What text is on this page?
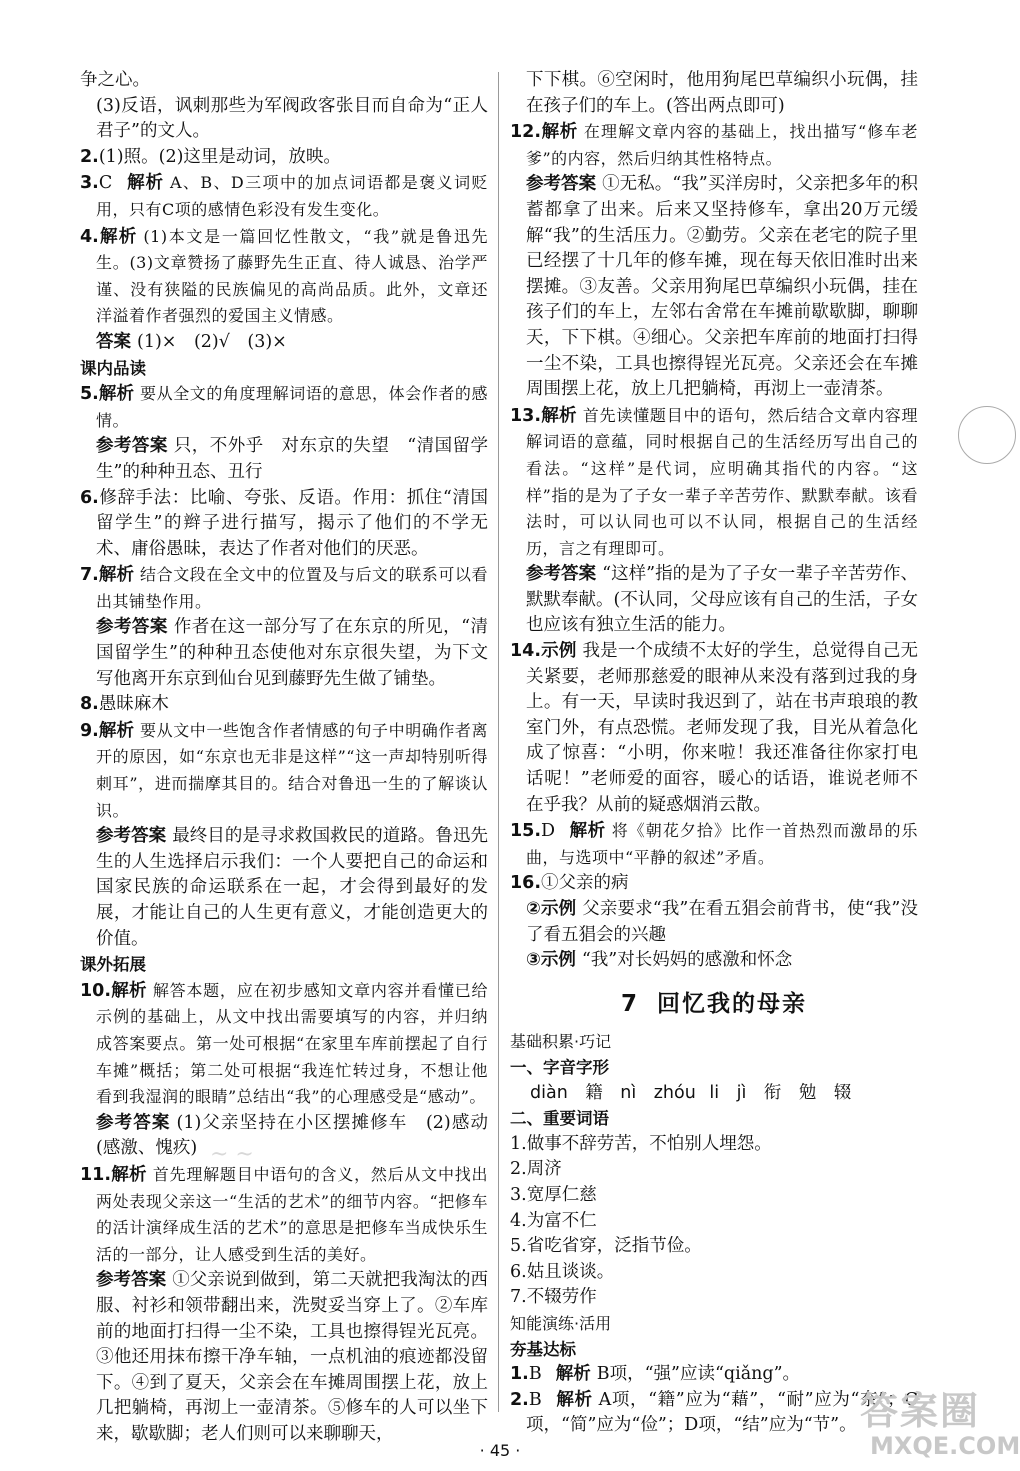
争之心。

(3)反语，讽刺那些为军阀政客张目而自命为“正人君子”的文人。

2.(1)照。(2)这里是动词，放映。

3.C 解析 A、B、D三项中的加点词语都是褒义词贬用，只有C项的感情色彩没有发生变化。

4.解析 (1)本文是一篇回忆性散文，“我”就是鲁迅先生。(3)文章赞扬了藤野先生正直、待人诚恳、治学严谨、没有狭隘的民族偏见的高尚品质。此外，文章还洋溢着作者强烈的爱国主义情感。

答案 (1)×　(2)√　(3)×

课内品读

5.解析 要从全文的角度理解词语的意思，体会作者的感情。

参考答案 只，不外乎　对东京的失望　“清国留学生”的种种丑态、丑行

6.修辞手法：比喻、夸张、反语。作用：抓住“清国留学生”的辫子进行描写，揭示了他们的不学无术、庸俗愚昧，表达了作者对他们的厌恶。

7.解析 结合文段在全文中的位置及与后文的联系可以看出其铺垫作用。

参考答案 作者在这一部分写了在东京的所见，“清国留学生”的种种丑态使他对东京很失望，为下文写他离开东京到仙台见到藤野先生做了铺垫。

8.愚昧麻木

9.解析 要从文中一些饱含作者情感的句子中明确作者离开的原因，如“东京也无非是这样”“这一声却特别听得刺耳”，进而揣摩其目的。结合对鲁迅一生的了解谈认识。

参考答案 最终目的是寻求救国救民的道路。鲁迅先生的人生选择启示我们：一个人要把自己的命运和国家民族的命运联系在一起，才会得到最好的发展，才能让自己的人生更有意义，才能创造更大的价值。

课外拓展

10.解析 解答本题，应在初步感知文章内容并看懂已给示例的基础上，从文中找出需要填写的内容，并归纳成答案要点。第一处可根据“在家里车库前摆起了自行车摊”概括；第二处可根据“我连忙转过身，不想让他看到我湿润的眼睛”总结出“我”的心理感受是“感动”。

参考答案 (1)父亲坚持在小区摆摊修车　(2)感动(感激、愧疚)

11.解析 首先理解题目中语句的含义，然后从文中找出两处表现父亲这一“生活的艺术”的细节内容。“把修车的活计演绎成生活的艺术”的意思是把修车当成快乐生活的一部分，让人感受到生活的美好。

参考答案 ①父亲说到做到，第二天就把我淘汰的西服、衬衫和领带翻出来，洗熨妥当穿上了。②车库前的地面打扫得一尘不染，工具也擦得锃光瓦亮。③他还用抹布擦干净车轴，一点机油的痕迹都没留下。④到了夏天，父亲会在车摊周围摆上花，放上几把躺椅，再沏上一壶清茶。⑤修车的人可以坐下来，歇歇脚；老人们则可以来聊聊天，

下下棋。⑥空闲时，他用狗尾巴草编织小玩偶，挂在孩子们的车上。(答出两点即可)

12.解析 在理解文章内容的基础上，找出描写“修车老爹”的内容，然后归纳其性格特点。

参考答案 ①无私。“我”买洋房时，父亲把多年的积蓄都拿了出来。后来又坚持修车，拿出20万元缓解“我”的生活压力。②勤劳。父亲在老宅的院子里已经摆了十几年的修车摊，现在每天依旧准时出来摆摊。③友善。父亲用狗尾巴草编织小玩偶，挂在孩子们的车上，左邻右舍常在车摊前歇歇脚，聊聊天，下下棋。④细心。父亲把车库前的地面打扫得一尘不染，工具也擦得锃光瓦亮。父亲还会在车摊周围摆上花，放上几把躺椅，再沏上一壶清茶。

13.解析 首先读懂题目中的语句，然后结合文章内容理解词语的意蕴，同时根据自己的生活经历写出自己的看法。“这样”是代词，应明确其指代的内容。“这样”指的是为了子女一辈子辛苦劳作、默默奉献。该看法时，可以认同也可以不认同，根据自己的生活经历，言之有理即可。

参考答案 “这样”指的是为了子女一辈子辛苦劳作、默默奉献。(不认同，父母应该有自己的生活，子女也应该有独立生活的能力。

14.示例 我是一个成绩不太好的学生，总觉得自己无关紧要，老师那慈爱的眼神从来没有落到过我的身上。有一天，早读时我迟到了，站在书声琅琅的教室门外，有点恐慌。老师发现了我，目光从着急化成了惊喜：“小明，你来啦！我还准备往你家打电话呢！”老师爱的面容，暖心的话语，谁说老师不在乎我？从前的疑惑烟消云散。

15.D 解析 将《朝花夕拾》比作一首热烈而激昂的乐曲，与选项中“平静的叙述”矛盾。

16.①父亲的病

②示例 父亲要求“我”在看五猖会前背书，使“我”没了看五猖会的兴趣

③示例 “我”对长妈妈的感激和怀念

7 回忆我的母亲

基础积累·巧记

一、字音字形

diàn　籍　nì　zhóu li　jì　衔　勉　辍

二、重要词语

1.做事不辞劳苦，不怕别人埋怨。

2.周济

3.宽厚仁慈

4.为富不仁

5.省吃省穿，泛指节俭。

6.姑且谈谈。

7.不辍劳作

知能演练·活用

夯基达标

1.B 解析 B项，“强”应读“qiǎng”。

2.B 解析 A项，“籍”应为“藉”，“耐”应为“奈”；C项，“简”应为“俭”；D项，“结”应为“节”。

~ ~
答案圈
MXQE.COM
· 45 ·
